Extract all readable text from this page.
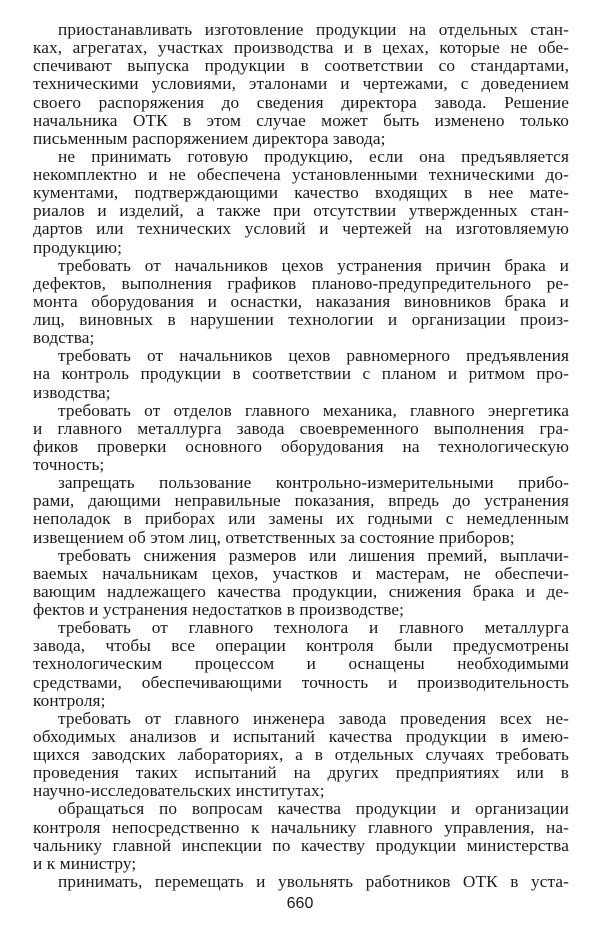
приостанавливать изготовление продукции на отдельных стан-
ках, агрегатах, участках производства и в цехах, которые не обе-
спечивают выпуска продукции в соответствии со стандартами,
техническими условиями, эталонами и чертежами, с доведением
своего распоряжения до сведения директора завода. Решение
начальника ОТК в этом случае может быть изменено только
письменным распоряжением директора завода;
не принимать готовую продукцию, если она предъявляется
некомплектно и не обеспечена установленными техническими до-
кументами, подтверждающими качество входящих в нее мате-
риалов и изделий, а также при отсутствии утвержденных стан-
дартов или технических условий и чертежей на изготовляемую
продукцию;
требовать от начальников цехов устранения причин брака и
дефектов, выполнения графиков планово-предупредительного ре-
монта оборудования и оснастки, наказания виновников брака и
лиц, виновных в нарушении технологии и организации произ-
водства;
требовать от начальников цехов равномерного предъявления
на контроль продукции в соответствии с планом и ритмом про-
изводства;
требовать от отделов главного механика, главного энергетика
и главного металлурга завода своевременного выполнения гра-
фиков проверки основного оборудования на технологическую
точность;
запрещать пользование контрольно-измерительными прибо-
рами, дающими неправильные показания, впредь до устранения
неполадок в приборах или замены их годными с немедленным
извещением об этом лиц, ответственных за состояние приборов;
требовать снижения размеров или лишения премий, выплачи-
ваемых начальникам цехов, участков и мастерам, не обеспечи-
вающим надлежащего качества продукции, снижения брака и де-
фектов и устранения недостатков в производстве;
требовать от главного технолога и главного металлурга
завода, чтобы все операции контроля были предусмотрены
технологическим процессом и оснащены необходимыми
средствами, обеспечивающими точность и производительность
контроля;
требовать от главного инженера завода проведения всех не-
обходимых анализов и испытаний качества продукции в имею-
щихся заводских лабораториях, а в отдельных случаях требовать
проведения таких испытаний на других предприятиях или в
научно-исследовательских институтах;
обращаться по вопросам качества продукции и организации
контроля непосредственно к начальнику главного управления, на-
чальнику главной инспекции по качеству продукции министерства
и к министру;
принимать, перемещать и увольнять работников ОТК в уста-
660
